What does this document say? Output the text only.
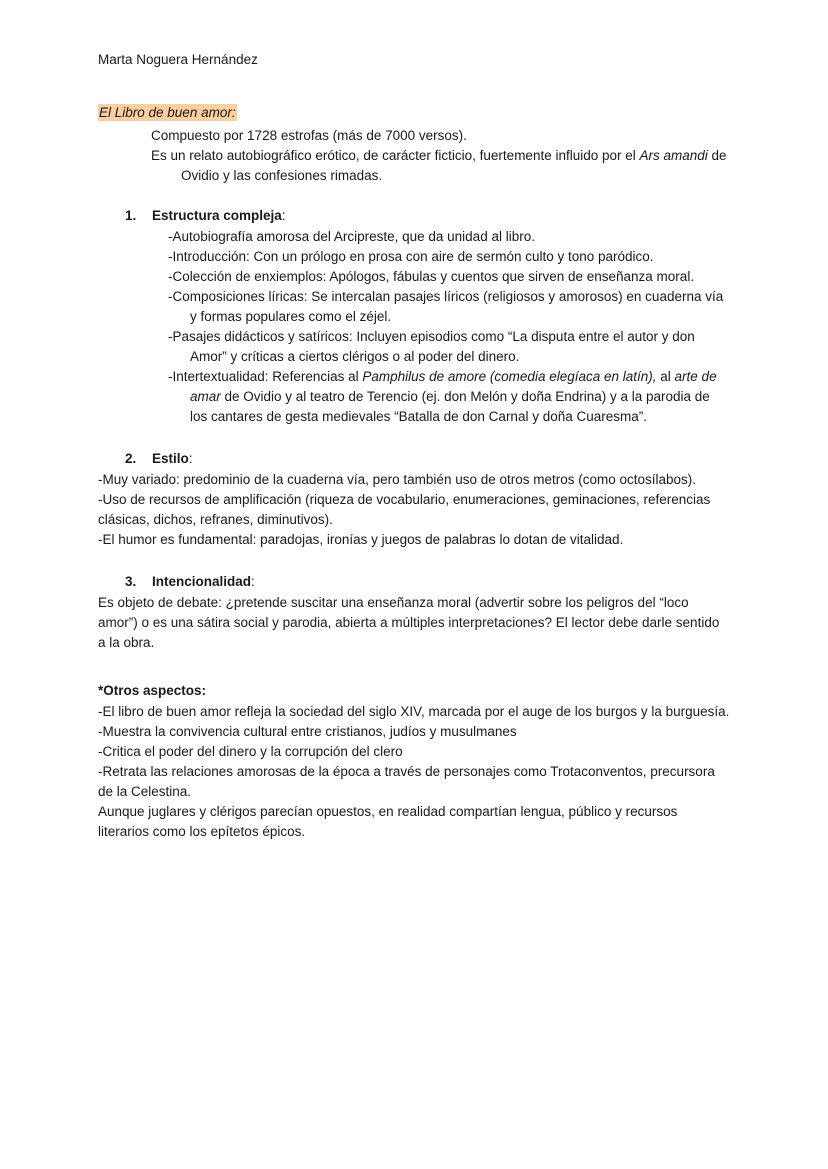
Marta Noguera Hernández
El Libro de buen amor:

Compuesto por 1728 estrofas (más de 7000 versos).

Es un relato autobiográfico erótico, de carácter ficticio, fuertemente influido por el Ars amandi de Ovidio y las confesiones rimadas.

1. Estructura compleja:

-Autobiografía amorosa del Arcipreste, que da unidad al libro.

-Introducción: Con un prólogo en prosa con aire de sermón culto y tono paródico.

-Colección de enxiemplos: Apólogos, fábulas y cuentos que sirven de enseñanza moral.

-Composiciones líricas: Se intercalan pasajes líricos (religiosos y amorosos) en cuaderna vía y formas populares como el zéjel.

-Pasajes didácticos y satíricos: Incluyen episodios como “La disputa entre el autor y don Amor” y críticas a ciertos clérigos o al poder del dinero.

-Intertextualidad: Referencias al Pamphilus de amore (comedia elegíaca en latín), al arte de amar de Ovidio y al teatro de Terencio (ej. don Melón y doña Endrina) y a la parodia de los cantares de gesta medievales “Batalla de don Carnal y doña Cuaresma”.

2. Estilo:

-Muy variado: predominio de la cuaderna vía, pero también uso de otros metros (como octosílabos).

-Uso de recursos de amplificación (riqueza de vocabulario, enumeraciones, geminaciones, referencias clásicas, dichos, refranes, diminutivos).

-El humor es fundamental: paradojas, ironías y juegos de palabras lo dotan de vitalidad.

3. Intencionalidad:

Es objeto de debate: ¿pretende suscitar una enseñanza moral (advertir sobre los peligros del “loco amor”) o es una sátira social y parodia, abierta a múltiples interpretaciones? El lector debe darle sentido a la obra.

*Otros aspectos:

-El libro de buen amor refleja la sociedad del siglo XIV, marcada por el auge de los burgos y la burguesía.

-Muestra la convivencia cultural entre cristianos, judíos y musulmanes

-Critica el poder del dinero y la corrupción del clero

-Retrata las relaciones amorosas de la época a través de personajes como Trotaconventos, precursora de la Celestina.

Aunque juglares y clérigos parecían opuestos, en realidad compartían lengua, público y recursos literarios como los epítetos épicos.
